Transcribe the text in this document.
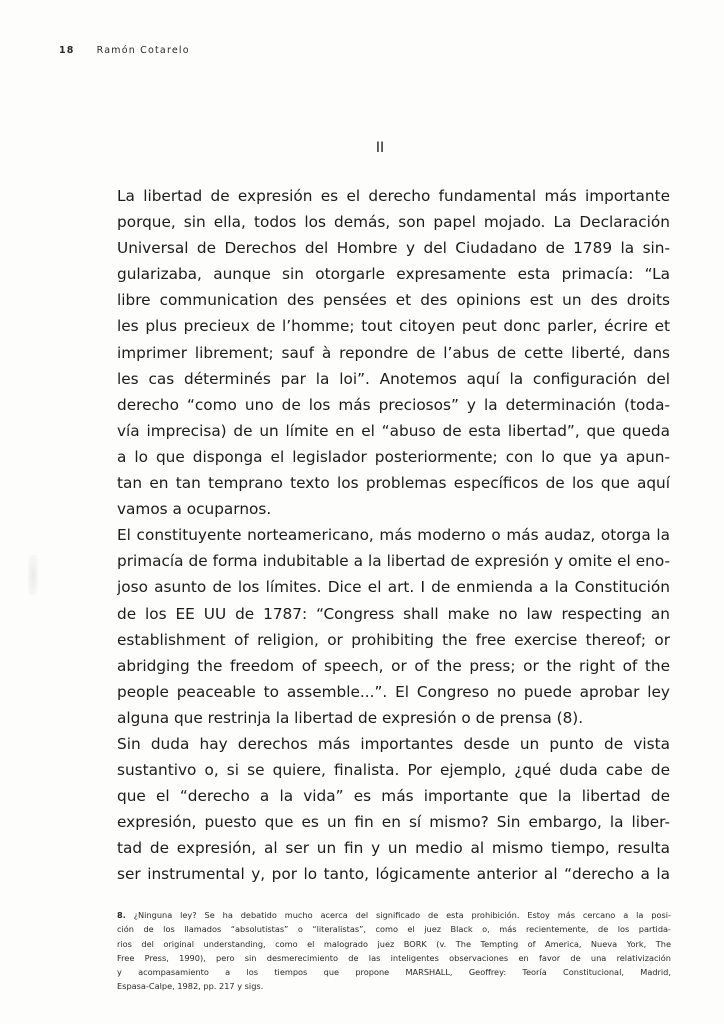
18 Ramón Cotarelo
II
La libertad de expresión es el derecho fundamental más importante
porque, sin ella, todos los demás, son papel mojado. La Declaración
Universal de Derechos del Hombre y del Ciudadano de 1789 la sin-
gularizaba, aunque sin otorgarle expresamente esta primacía: “La
libre communication des pensées et des opinions est un des droits
les plus precieux de l’homme; tout citoyen peut donc parler, écrire et
imprimer librement; sauf à repondre de l’abus de cette liberté, dans
les cas déterminés par la loi”. Anotemos aquí la configuración del
derecho “como uno de los más preciosos” y la determinación (toda-
vía imprecisa) de un límite en el “abuso de esta libertad”, que queda
a lo que disponga el legislador posteriormente; con lo que ya apun-
tan en tan temprano texto los problemas específicos de los que aquí
vamos a ocuparnos.
El constituyente norteamericano, más moderno o más audaz, otorga la
primacía de forma indubitable a la libertad de expresión y omite el eno-
joso asunto de los límites. Dice el art. I de enmienda a la Constitución
de los EE UU de 1787: “Congress shall make no law respecting an
establishment of religion, or prohibiting the free exercise thereof; or
abridging the freedom of speech, or of the press; or the right of the
people peaceable to assemble...”. El Congreso no puede aprobar ley
alguna que restrinja la libertad de expresión o de prensa (8).
Sin duda hay derechos más importantes desde un punto de vista
sustantivo o, si se quiere, finalista. Por ejemplo, ¿qué duda cabe de
que el “derecho a la vida” es más importante que la libertad de
expresión, puesto que es un fin en sí mismo? Sin embargo, la liber-
tad de expresión, al ser un fin y un medio al mismo tiempo, resulta
ser instrumental y, por lo tanto, lógicamente anterior al “derecho a la
8. ¿Ninguna ley? Se ha debatido mucho acerca del significado de esta prohibición. Estoy más cercano a la posi-
ción de los llamados “absolutistas” o “literalistas”, como el juez Black o, más recientemente, de los partida-
rios del original understanding, como el malogrado juez BORK (v. The Tempting of America, Nueva York, The
Free Press, 1990), pero sin desmerecimiento de las inteligentes observaciones en favor de una relativización
y acompasamiento a los tiempos que propone MARSHALL, Geoffrey: Teoría Constitucional, Madrid,
Espasa-Calpe, 1982, pp. 217 y sigs.
